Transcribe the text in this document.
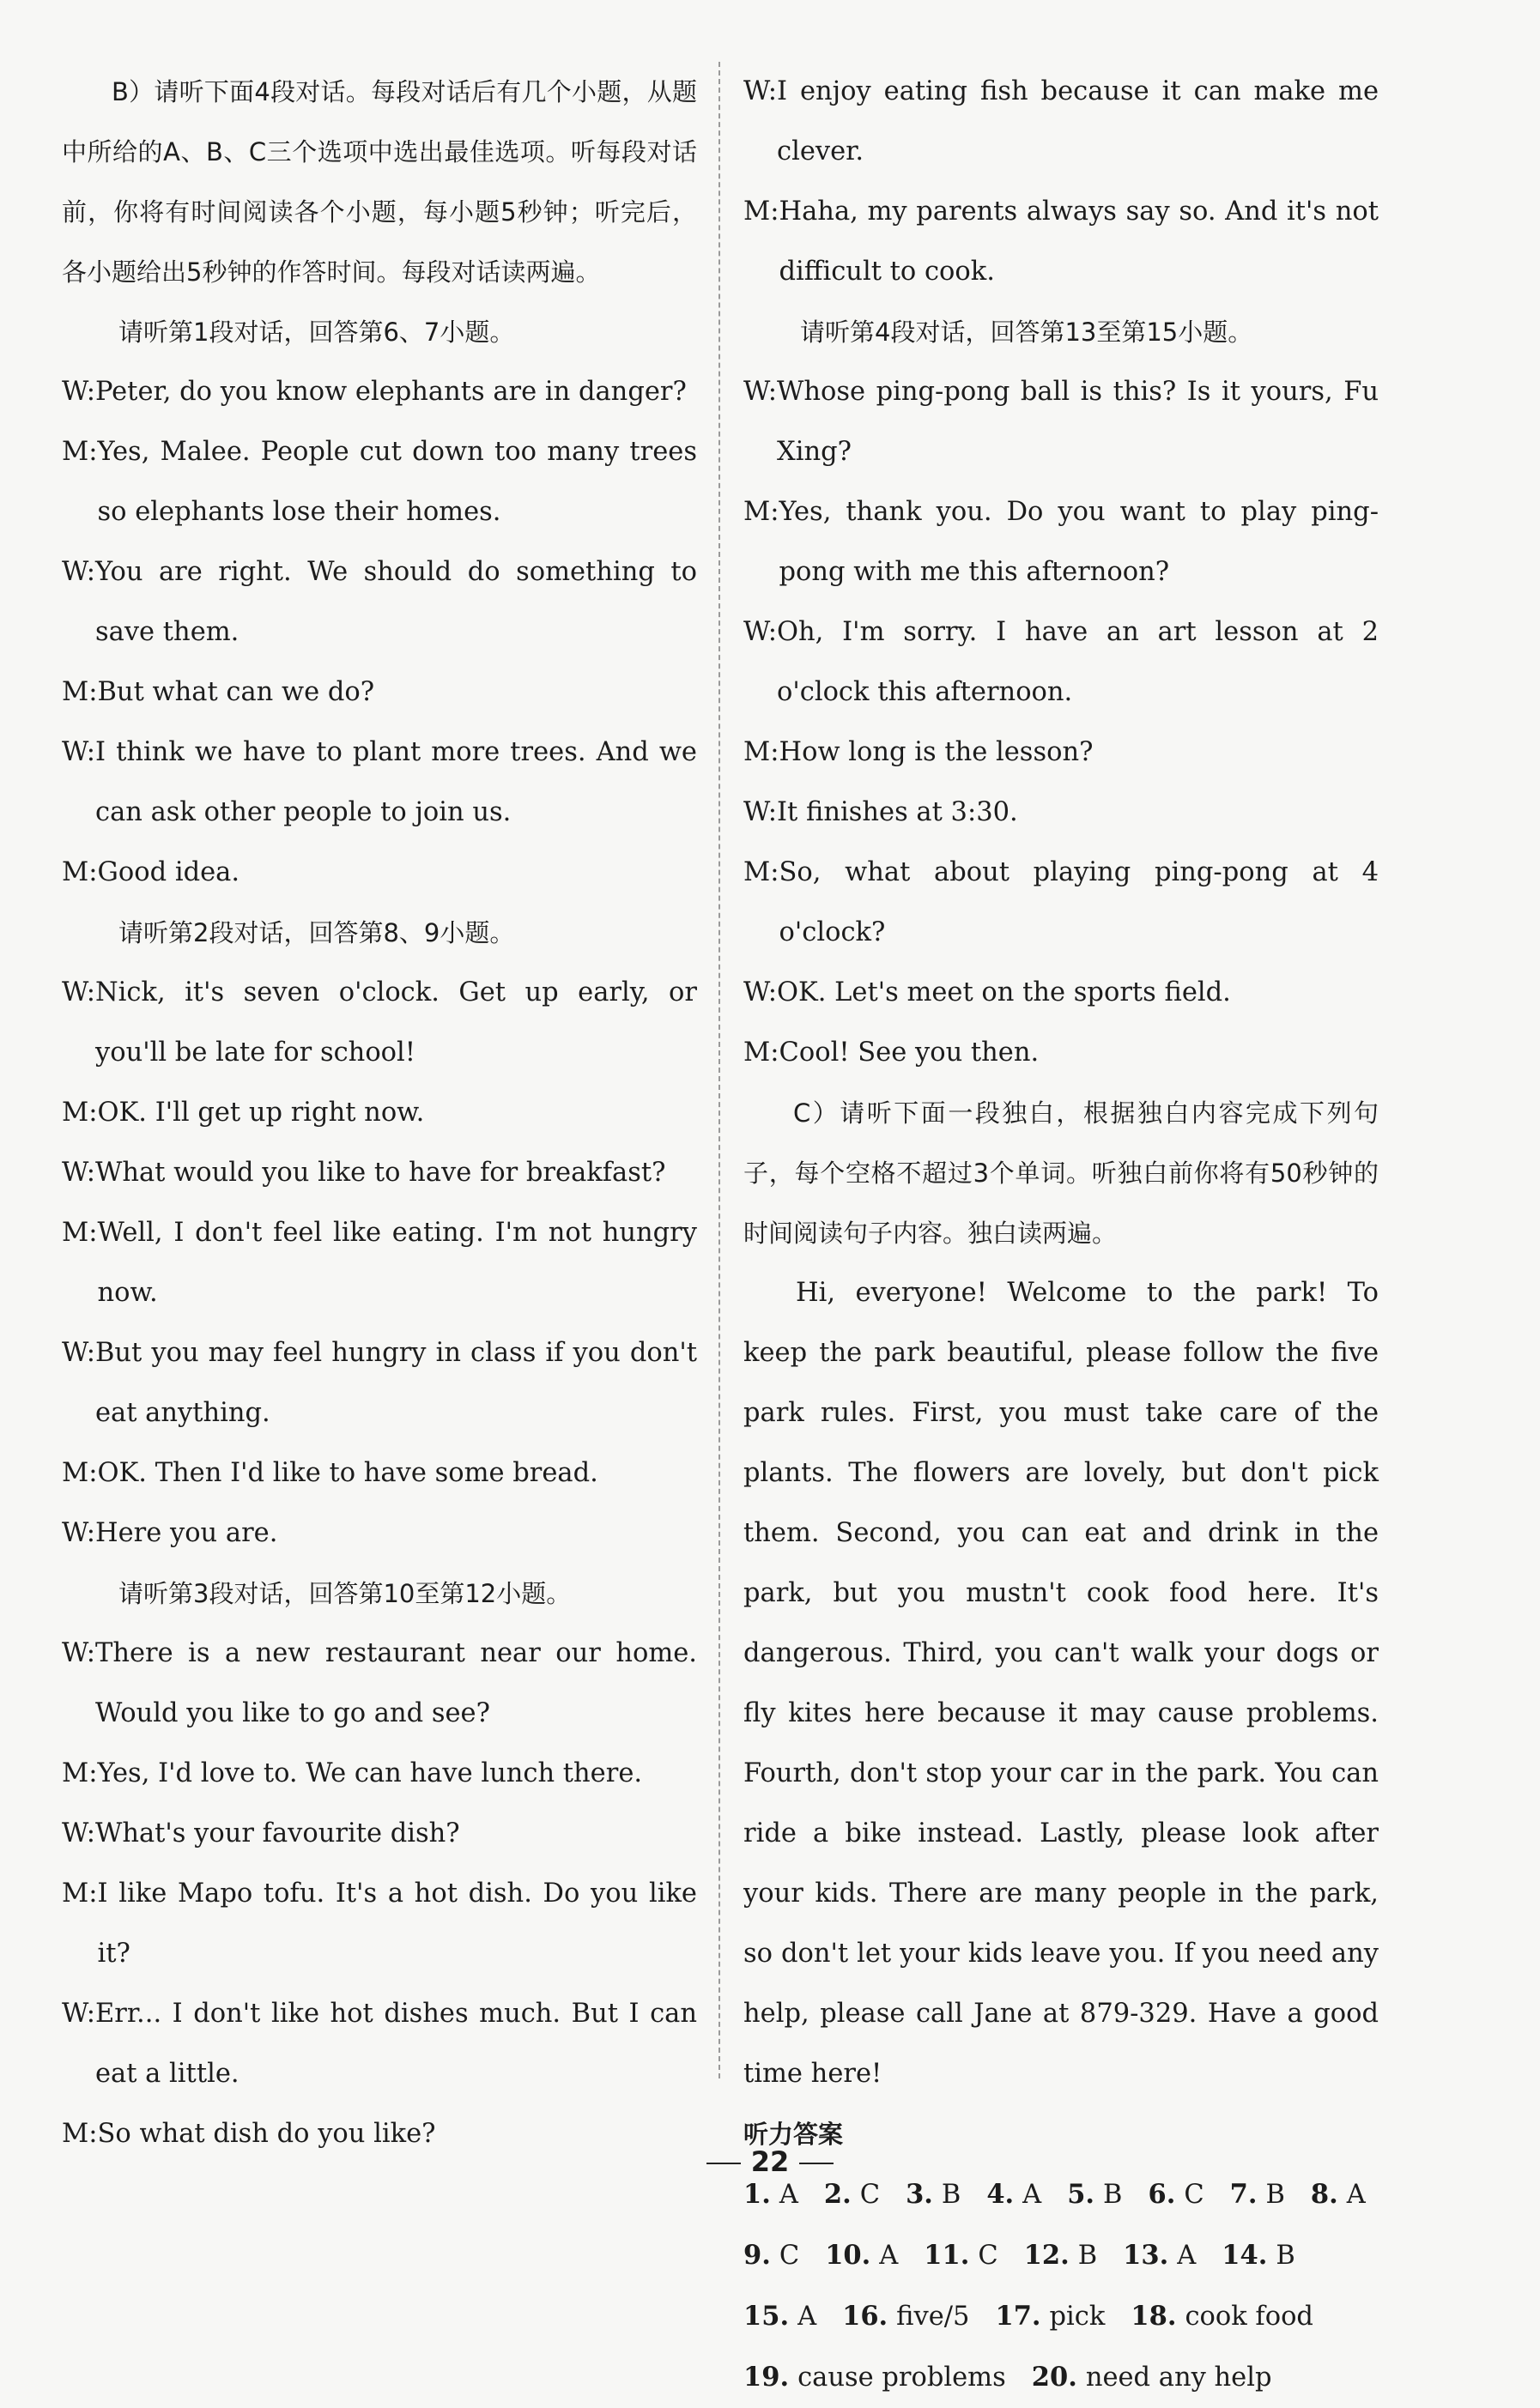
B）请听下面4段对话。每段对话后有几个小题，从题中所给的A、B、C三个选项中选出最佳选项。听每段对话前，你将有时间阅读各个小题，每小题5秒钟；听完后，各小题给出5秒钟的作答时间。每段对话读两遍。

请听第1段对话，回答第6、7小题。

W: Peter, do you know elephants are in danger?
M: Yes, Malee. People cut down too many trees so elephants lose their homes.
W: You are right. We should do something to save them.
M: But what can we do?
W: I think we have to plant more trees. And we can ask other people to join us.
M: Good idea.

请听第2段对话，回答第8、9小题。

W: Nick, it's seven o'clock. Get up early, or you'll be late for school!
M: OK. I'll get up right now.
W: What would you like to have for breakfast?
M: Well, I don't feel like eating. I'm not hungry now.
W: But you may feel hungry in class if you don't eat anything.
M: OK. Then I'd like to have some bread.
W: Here you are.

请听第3段对话，回答第10至第12小题。

W: There is a new restaurant near our home. Would you like to go and see?
M: Yes, I'd love to. We can have lunch there.
W: What's your favourite dish?
M: I like Mapo tofu. It's a hot dish. Do you like it?
W: Err... I don't like hot dishes much. But I can eat a little.
M: So what dish do you like?
W: I enjoy eating fish because it can make me clever.
M: Haha, my parents always say so. And it's not difficult to cook.

请听第4段对话，回答第13至第15小题。

W: Whose ping-pong ball is this? Is it yours, Fu Xing?
M: Yes, thank you. Do you want to play ping-pong with me this afternoon?
W: Oh, I'm sorry. I have an art lesson at 2 o'clock this afternoon.
M: How long is the lesson?
W: It finishes at 3:30.
M: So, what about playing ping-pong at 4 o'clock?
W: OK. Let's meet on the sports field.
M: Cool! See you then.

C）请听下面一段独白，根据独白内容完成下列句子，每个空格不超过3个单词。听独白前你将有50秒钟的时间阅读句子内容。独白读两遍。

Hi, everyone! Welcome to the park! To keep the park beautiful, please follow the five park rules. First, you must take care of the plants. The flowers are lovely, but don't pick them. Second, you can eat and drink in the park, but you mustn't cook food here. It's dangerous. Third, you can't walk your dogs or fly kites here because it may cause problems. Fourth, don't stop your car in the park. You can ride a bike instead. Lastly, please look after your kids. There are many people in the park, so don't let your kids leave you. If you need any help, please call Jane at 879-329. Have a good time here!

听力答案
1. A 2. C 3. B 4. A 5. B 6. C 7. B 8. A
9. C 10. A 11. C 12. B 13. A 14. B
15. A 16. five/5 17. pick 18. cook food
19. cause problems 20. need any help
22
